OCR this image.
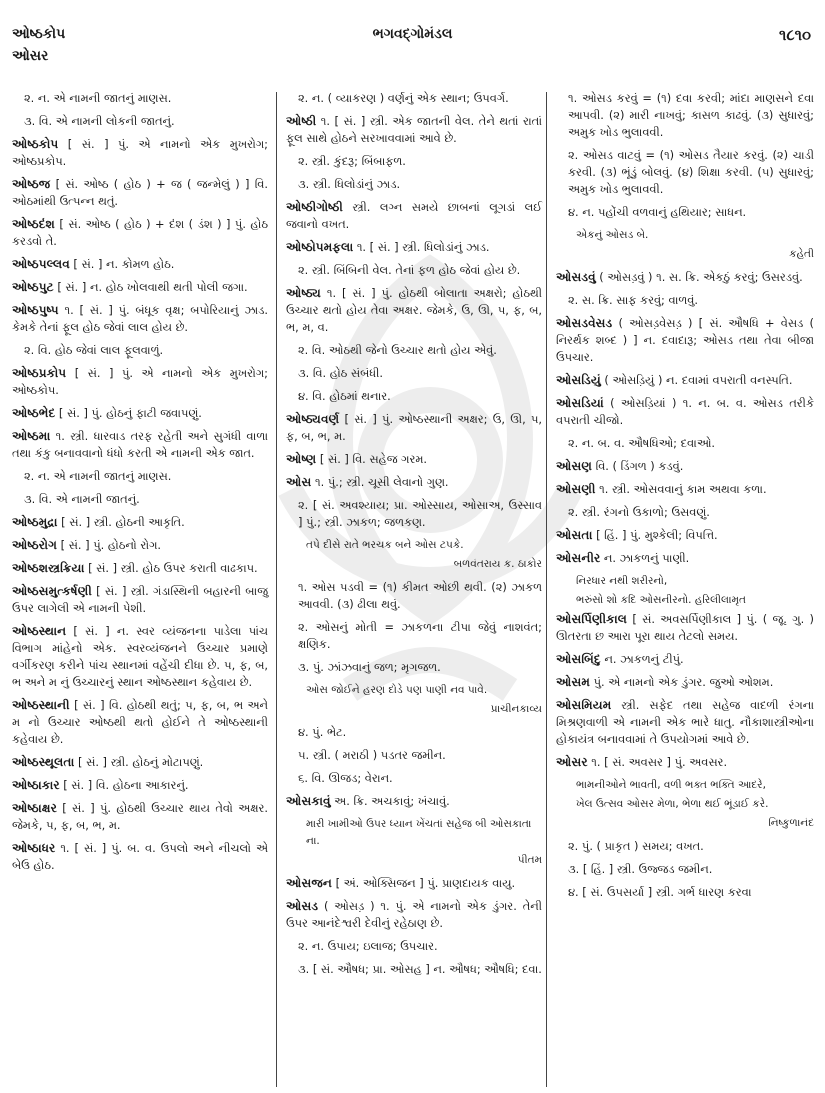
ઓષ્ઠકોપ
ઓસર
ભગવદ્ગોમંડલ	૧૮૧૦
૨. ન. એ નામની જાતનું માણસ.
૩. વિ. એ નામની લોકની જાતનું.
ઓષ્ઠકોપ [ સં. ] પું. એ નામનો એક મુખરોગ; ઓષ્ઠપ્રકોપ.
ઓષ્ઠજ [ સં. ઓષ્ઠ ( હોઠ ) + જ ( જન્મેલું ) ] વિ. ઓઠમાંથી ઉત્પન્ન થતું.
ઓષ્ઠદંશ [ સં. ઓષ્ઠ ( હોઠ ) + દંશ ( ડંશ ) ] પું. હોઠ કરડવો તે.
ઓષ્ઠપલ્લવ [ સં. ] ન. કોમળ હોઠ.
ઓષ્ઠપુટ [ સં. ] ન. હોઠ ખોલવાથી થતી પોલી જગા.
ઓષ્ઠપુષ્પ ૧. [ સં. ] પું. બંધૂક વૃક્ષ; બપોરિયાનું ઝાડ. કેમકે તેનાં ફૂલ હોઠ જેવાં લાલ હોય છે.
૨. વિ. હોઠ જેવાં લાલ ફૂલવાળું.
ઓષ્ઠપ્રકોપ [ સં. ] પું. એ નામનો એક મુખરોગ; ઓષ્ઠકોપ.
ઓષ્ઠભેદ [ સં. ] પું. હોઠનું ફાટી જવાપણું.
ઓષ્ઠમા ૧. સ્ત્રી. ધારવાડ તરફ રહેતી અને સુગંધી વાળા તથા કંકુ બનાવવાનો ધંધો કરતી એ નામની એક જાત.
૨. ન. એ નામની જાતનું માણસ.
૩. વિ. એ નામની જાતનું.
ઓષ્ઠમુદ્રા [ સં. ] સ્ત્રી. હોઠની આકૃતિ.
ઓષ્ઠરોગ [ સં. ] પું. હોઠનો રોગ.
ઓષ્ઠશસ્ત્રક્રિયા [ સં. ] સ્ત્રી. હોઠ ઉપર કરાતી વાઢકાપ.
ઓષ્ઠસમુત્કર્ષણી [ સં. ] સ્ત્રી. ગંડાસ્થિની બહારની બાજુ ઉપર લાગેલી એ નામની પેશી.
ઓષ્ઠસ્થાન [ સં. ] ન. સ્વર વ્યંજનના પાડેલા પાંચ વિભાગ માંહેનો એક. સ્વરવ્યંજનને ઉચ્ચાર પ્રમાણે વર્ગીકરણ કરીને પાંચ સ્થાનમાં વહેંચી દીધા છે. પ, ફ, બ, ભ અને મ નું ઉચ્ચારનું સ્થાન ઓષ્ઠસ્થાન કહેવાય છે.
ઓષ્ઠસ્થાની [ સં. ] વિ. હોઠથી થતું; પ, ફ, બ, ભ અને મ નો ઉચ્ચાર ઓષ્ઠથી થતો હોઈને તે ઓષ્ઠસ્થાની કહેવાય છે.
ઓષ્ઠસ્થૂલતા [ સં. ] સ્ત્રી. હોઠનું મોટાપણું.
ઓષ્ઠાકાર [ સં. ] વિ. હોઠના આકારનું.
ઓષ્ઠાક્ષર [ સં. ] પું. હોઠથી ઉચ્ચાર થાય તેવો અક્ષર. જેમકે, પ, ફ, બ, ભ, મ.
ઓષ્ઠાધર ૧. [ સં. ] પું. બ. વ. ઉપલો અને નીચલો એ બેઉ હોઠ.
૨. ન. ( વ્યાકરણ ) વર્ણનું એક સ્થાન; ઉપવર્ગ.
ઓષ્ઠી ૧. [ સં. ] સ્ત્રી. એક જાતની વેલ. તેને થતાં રાતાં ફૂલ સાથે હોઠને સરખાવવામાં આવે છે.
૨. સ્ત્રી. કુંદરૂ; બિંબાફળ.
૩. સ્ત્રી. ધિલોડાંનું ઝાડ.
ઓષ્ઠીગોષ્ઠી સ્ત્રી. લગ્ન સમયે છાબનાં લૂગડાં લઈ જવાનો વખત.
ઓષ્ઠોપમફલા ૧. [ સં. ] સ્ત્રી. ધિલોડાંનું ઝાડ.
૨. સ્ત્રી. બિંબિની વેલ. તેનાં ફળ હોઠ જેવાં હોય છે.
ઓષ્ઠ્ય ૧. [ સં. ] પું. હોઠથી બોલાતા અક્ષરો; હોઠથી ઉચ્ચાર થતો હોય તેવા અક્ષર. જેમકે, ઉ, ઊ, પ, ફ, બ, ભ, મ, વ.
૨. વિ. ઓઠથી જેનો ઉચ્ચાર થતો હોય એવું.
૩. વિ. હોઠ સંબંધી.
૪. વિ. હોઠમાં થનાર.
ઓષ્ઠ્યવર્ણ [ સં. ] પું. ઓષ્ઠસ્થાની અક્ષર; ઉ, ઊ, પ, ફ, બ, ભ, મ.
ઓષ્ણ [ સં. ] વિ. સહેજ ગરમ.
ઓસ ૧. પું.; સ્ત્રી. ચૂસી લેવાનો ગુણ.
૨. [ સં. અવશ્યાય; પ્રા. ઓસ્સાય, ઓસાઅ, ઉસ્સાવ ] પું.; સ્ત્રી. ઝાકળ; જળકણ.
તપે દીસે રાતે ભરચક બને ઓસ ટપકે.
બળવંતરાય ક. ઠાકોર
૧. ઓસ પડવી = (૧) કીમત ઓછી થવી. (૨) ઝાકળ આવવી. (૩) ઢીલા થવું.
૨. ઓસનું મોતી = ઝાકળના ટીપા જેવું નાશવંત; ક્ષણિક.
૩. પું. ઝાંઝવાનું જળ; મૃગજળ.
ઓસ જોઈને હરણ દોડે પણ પાણી નવ પાવે.
પ્રાચીનકાવ્ય
૪. પું. ભેટ.
૫. સ્ત્રી. ( મરાઠી ) પડતર જમીન.
૬. વિ. ઊજડ; વેરાન.
ઓસકાવું અ. ક્રિ. અચકાવું; ખંચાવું.
મારી ખામીઓ ઉપર ધ્યાન ખેંચતાં સહેજ બી ઓસકાતા ના.
પીતમ
ઓસજન [ અં. ઓક્સિજન ] પું. પ્રાણદાયક વાયુ.
ઓસડ ( ઓસડ઼ ) ૧. પું. એ નામનો એક ડુંગર. તેની ઉપર આનંદેશ્વરી દેવીનું રહેઠાણ છે.
૨. ન. ઉપાય; ઇલાજ; ઉપચાર.
૩. [ સં. ઔષધ; પ્રા. ઓસહ ] ન. ઔષધ; ઔષધિ; દવા.
૧. ઓસડ કરવું = (૧) દવા કરવી; માંદા માણસને દવા આપવી. (૨) મારી નાખવું; કાસળ કાઢવું. (૩) સુધારવું; અમુક ખોડ ભુલાવવી.
૨. ઓસડ વાટવું = (૧) ઓસડ તૈયાર કરવું. (૨) ચાડી કરવી. (૩) ભૂંડું બોલવું. (૪) શિક્ષા કરવી. (૫) સુધારવું; અમુક ખોડ ભુલાવવી.
૪. ન. પહોંચી વળવાનું હથિયાર; સાધન.
એકનું ઓસડ બે.
કહેતી
ઓસડવું ( ઓસડ઼વું ) ૧. સ. ક્રિ. એકઠું કરવું; ઉસરડવું.
૨. સ. ક્રિ. સાફ કરવું; વાળવું.
ઓસડવેસડ ( ઓસડ઼વેસડ઼ ) [ સં. ઔષધિ + વેસડ ( નિરર્થક શબ્દ ) ] ન. દવાદારૂ; ઓસડ તથા તેવા બીજા ઉપચાર.
ઓસડિયું ( ઓસડ઼િયું ) ન. દવામાં વપરાતી વનસ્પતિ.
ઓસડિયાં ( ઓસડ઼િયાં ) ૧. ન. બ. વ. ઓસડ તરીકે વપરાતી ચીજો.
૨. ન. બ. વ. ઔષધિઓ; દવાઓ.
ઓસણ વિ. ( ડિંગળ ) કડવું.
ઓસણી ૧. સ્ત્રી. ઓસવવાનું કામ અથવા કળા.
૨. સ્ત્રી. રંગનો ઉકાળો; ઉસવણું.
ઓસતા [ હિં. ] પું. મુશ્કેલી; વિપત્તિ.
ઓસનીર ન. ઝાકળનું પાણી.
નિરધાર નથી શરીરનો,
ભરુંસો શો કદિ ઓસનીરનો. હરિલીલામૃત
ઓસર્પિણીકાલ [ સં. અવસર્પિણીકાલ ] પું. ( જૂ. ગુ. ) ઊતરતા છ આરા પૂરા થાય તેટલો સમય.
ઓસબિંદુ ન. ઝાકળનું ટીપું.
ઓસમ પું. એ નામનો એક ડુંગર. જુઓ ઓશમ.
ઓસમિયમ સ્ત્રી. સફેદ તથા સહેજ વાદળી રંગના મિશ્રણવાળી એ નામની એક ભારે ધાતુ. નૌકાશાસ્ત્રીઓના હોકાયંત્ર બનાવવામાં તે ઉપયોગમાં આવે છે.
ઓસર ૧. [ સં. અવસર ] પું. અવસર.
ભામનીઓને ભાવતી, વળી ભક્ત ભક્તિ આદરે,
ખેલ ઉત્સવ ઓસર મેળા, ભેળા થઈ ભૂંડાઈ કરે.
નિષ્કુળાનંદ
૨. પું. ( પ્રાકૃત ) સમય; વખત.
૩. [ હિં. ] સ્ત્રી. ઉજ્જડ જમીન.
૪. [ સં. ઉપસર્યા ] સ્ત્રી. ગર્ભ ધારણ કરવા
